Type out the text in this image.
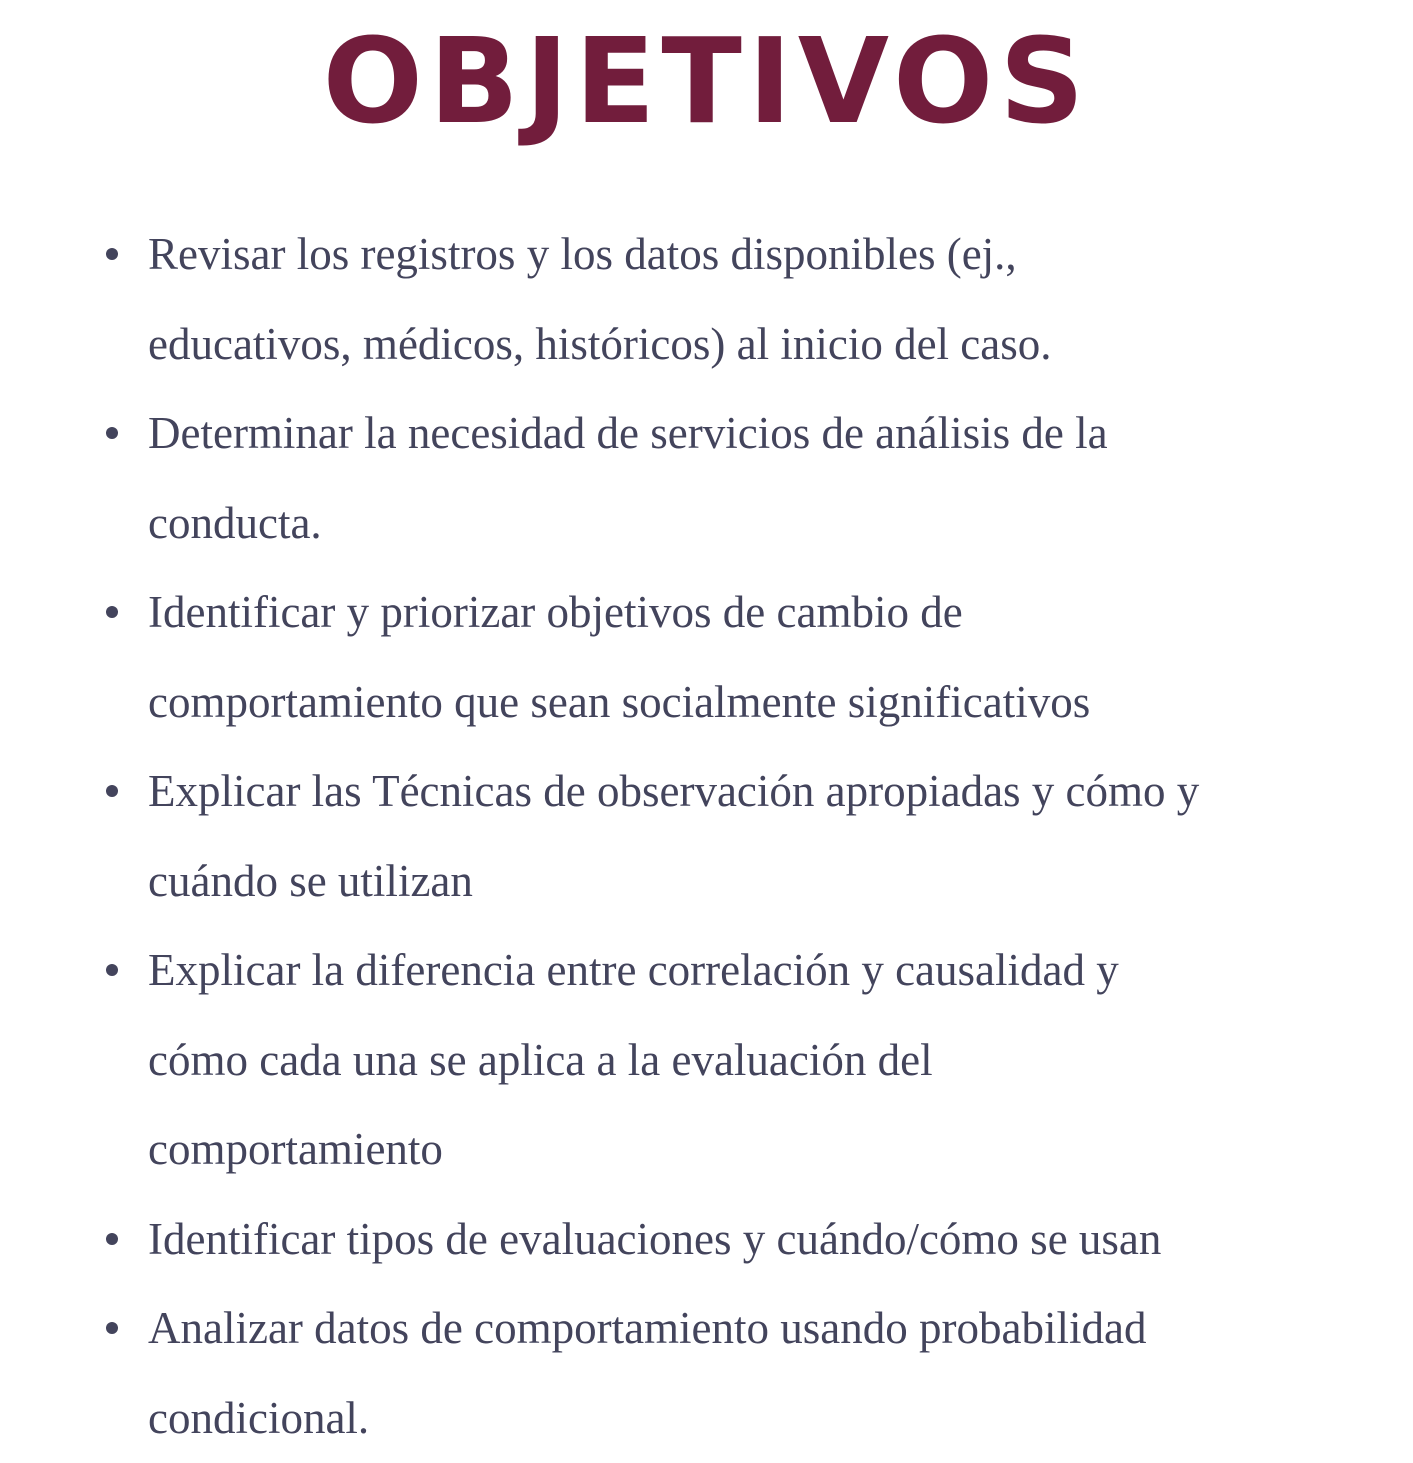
OBJETIVOS
Revisar los registros y los datos disponibles (ej.,
educativos, médicos, históricos) al inicio del caso.
Determinar la necesidad de servicios de análisis de la
conducta.
Identificar y priorizar objetivos de cambio de
comportamiento que sean socialmente significativos
Explicar las Técnicas de observación apropiadas y cómo y
cuándo se utilizan
Explicar la diferencia entre correlación y causalidad y
cómo cada una se aplica a la evaluación del
comportamiento
Identificar tipos de evaluaciones y cuándo/cómo se usan
Analizar datos de comportamiento usando probabilidad
condicional.
